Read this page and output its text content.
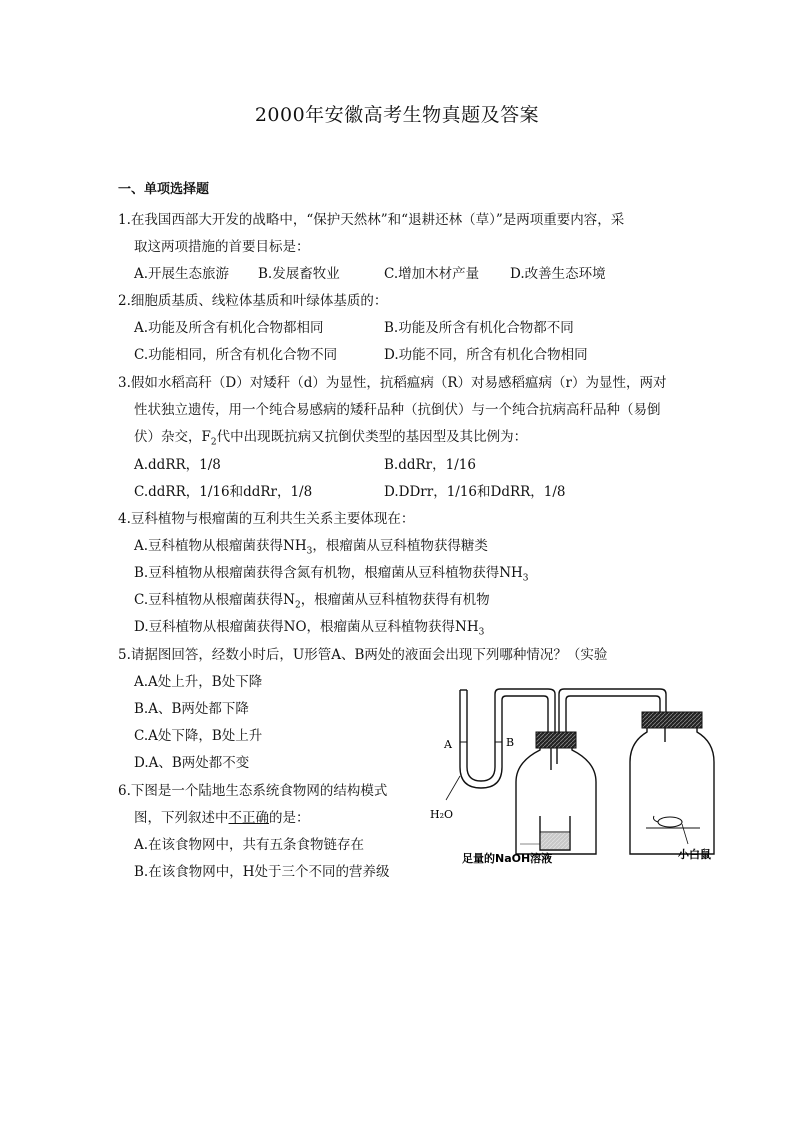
2000年安徽高考生物真题及答案
一、单项选择题
1.在我国西部大开发的战略中，“保护天然林”和“退耕还林（草）”是两项重要内容，采
取这两项措施的首要目标是：
A.开展生态旅游 B.发展畜牧业	C.增加木材产量 D.改善生态环境
2.细胞质基质、线粒体基质和叶绿体基质的：
A.功能及所含有机化合物都相同	B.功能及所含有机化合物都不同
C.功能相同，所含有机化合物不同	D.功能不同，所含有机化合物相同
3.假如水稻高秆（D）对矮秆（d）为显性，抗稻瘟病（R）对易感稻瘟病（r）为显性，两对
性状独立遗传，用一个纯合易感病的矮秆品种（抗倒伏）与一个纯合抗病高秆品种（易倒
伏）杂交，$F_2$代中出现既抗病又抗倒伏类型的基因型及其比例为：
A.ddRR，1/8	B.ddRr，1/16
C.ddRR，1/16和ddRr，1/8	D.DDrr，1/16和DdRR，1/8
4.豆科植物与根瘤菌的互利共生关系主要体现在：
A.豆科植物从根瘤菌获得$NH_3$，根瘤菌从豆科植物获得糖类
B.豆科植物从根瘤菌获得含氮有机物，根瘤菌从豆科植物获得$NH_3$
C.豆科植物从根瘤菌获得$N_2$，根瘤菌从豆科植物获得有机物
D.豆科植物从根瘤菌获得NO，根瘤菌从豆科植物获得$NH_3$
5.请据图回答，经数小时后，U形管A、B两处的液面会出现下列哪种情况？（实验
A.A处上升，B处下降
B.A、B两处都下降
C.A处下降，B处上升
D.A、B两处都不变
6.下图是一个陆地生态系统食物网的结构模式
图，下列叙述中不正确的是：
A.在该食物网中，共有五条食物链存在
B.在该食物网中，H处于三个不同的营养级
A	B
H₂O
足量的NaOH溶液	小白鼠
